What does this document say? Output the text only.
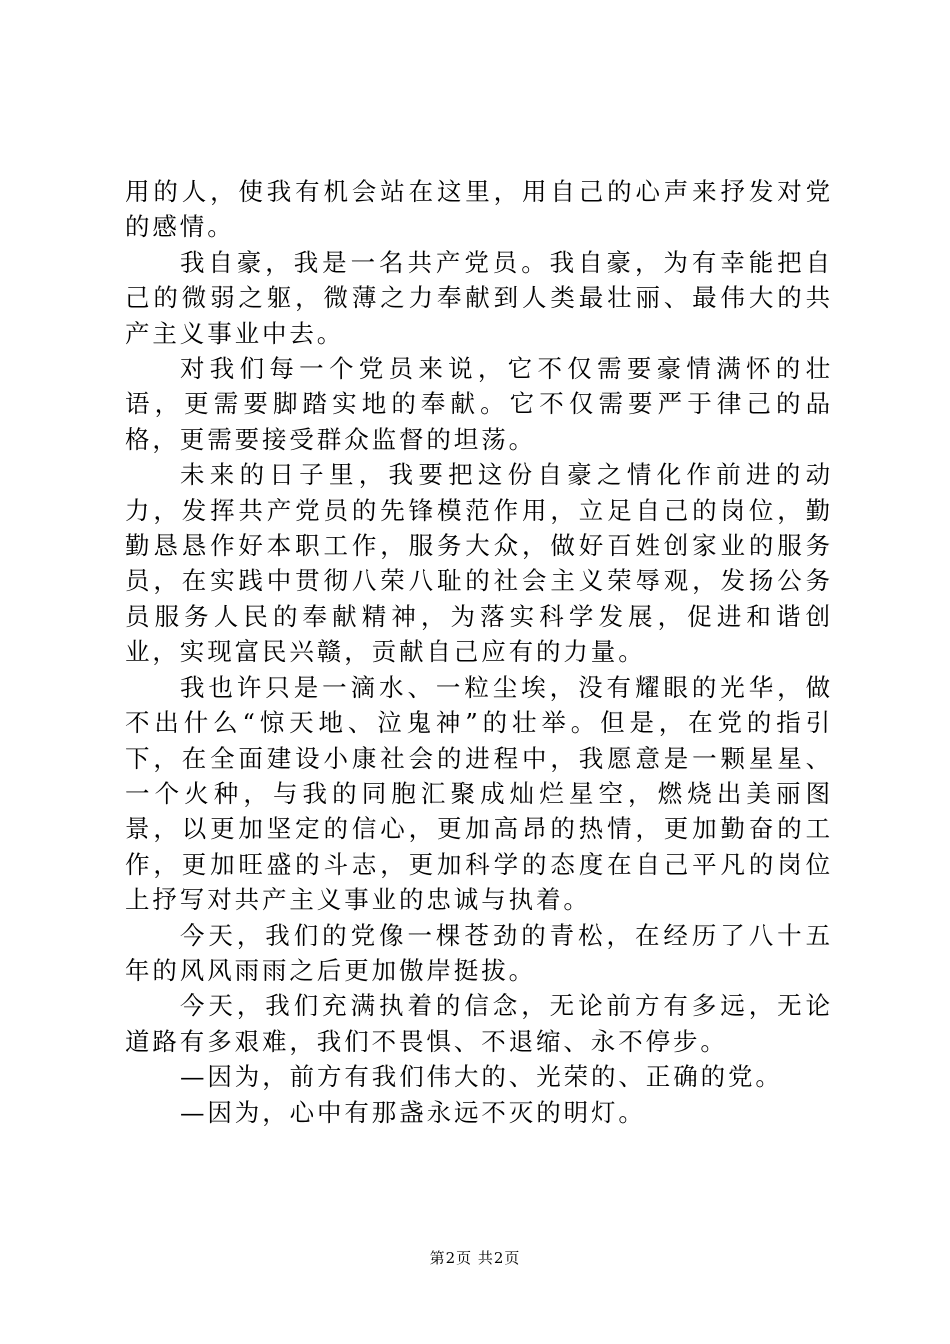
用的人，使我有机会站在这里，用自己的心声来抒发对党的感情。

我自豪，我是一名共产党员。我自豪，为有幸能把自己的微弱之躯，微薄之力奉献到人类最壮丽、最伟大的共产主义事业中去。

对我们每一个党员来说，它不仅需要豪情满怀的壮语，更需要脚踏实地的奉献。它不仅需要严于律己的品格，更需要接受群众监督的坦荡。

未来的日子里，我要把这份自豪之情化作前进的动力，发挥共产党员的先锋模范作用，立足自己的岗位，勤勤恳恳作好本职工作，服务大众，做好百姓创家业的服务员，在实践中贯彻八荣八耻的社会主义荣辱观，发扬公务员服务人民的奉献精神，为落实科学发展，促进和谐创业，实现富民兴赣，贡献自己应有的力量。

我也许只是一滴水、一粒尘埃，没有耀眼的光华，做不出什么“惊天地、泣鬼神”的壮举。但是，在党的指引下，在全面建设小康社会的进程中，我愿意是一颗星星、一个火种，与我的同胞汇聚成灿烂星空，燃烧出美丽图景，以更加坚定的信心，更加高昂的热情，更加勤奋的工作，更加旺盛的斗志，更加科学的态度在自己平凡的岗位上抒写对共产主义事业的忠诚与执着。

今天，我们的党像一棵苍劲的青松，在经历了八十五年的风风雨雨之后更加傲岸挺拔。

今天，我们充满执着的信念，无论前方有多远，无论道路有多艰难，我们不畏惧、不退缩、永不停步。

—因为，前方有我们伟大的、光荣的、正确的党。

—因为，心中有那盏永远不灭的明灯。

第2页 共2页
